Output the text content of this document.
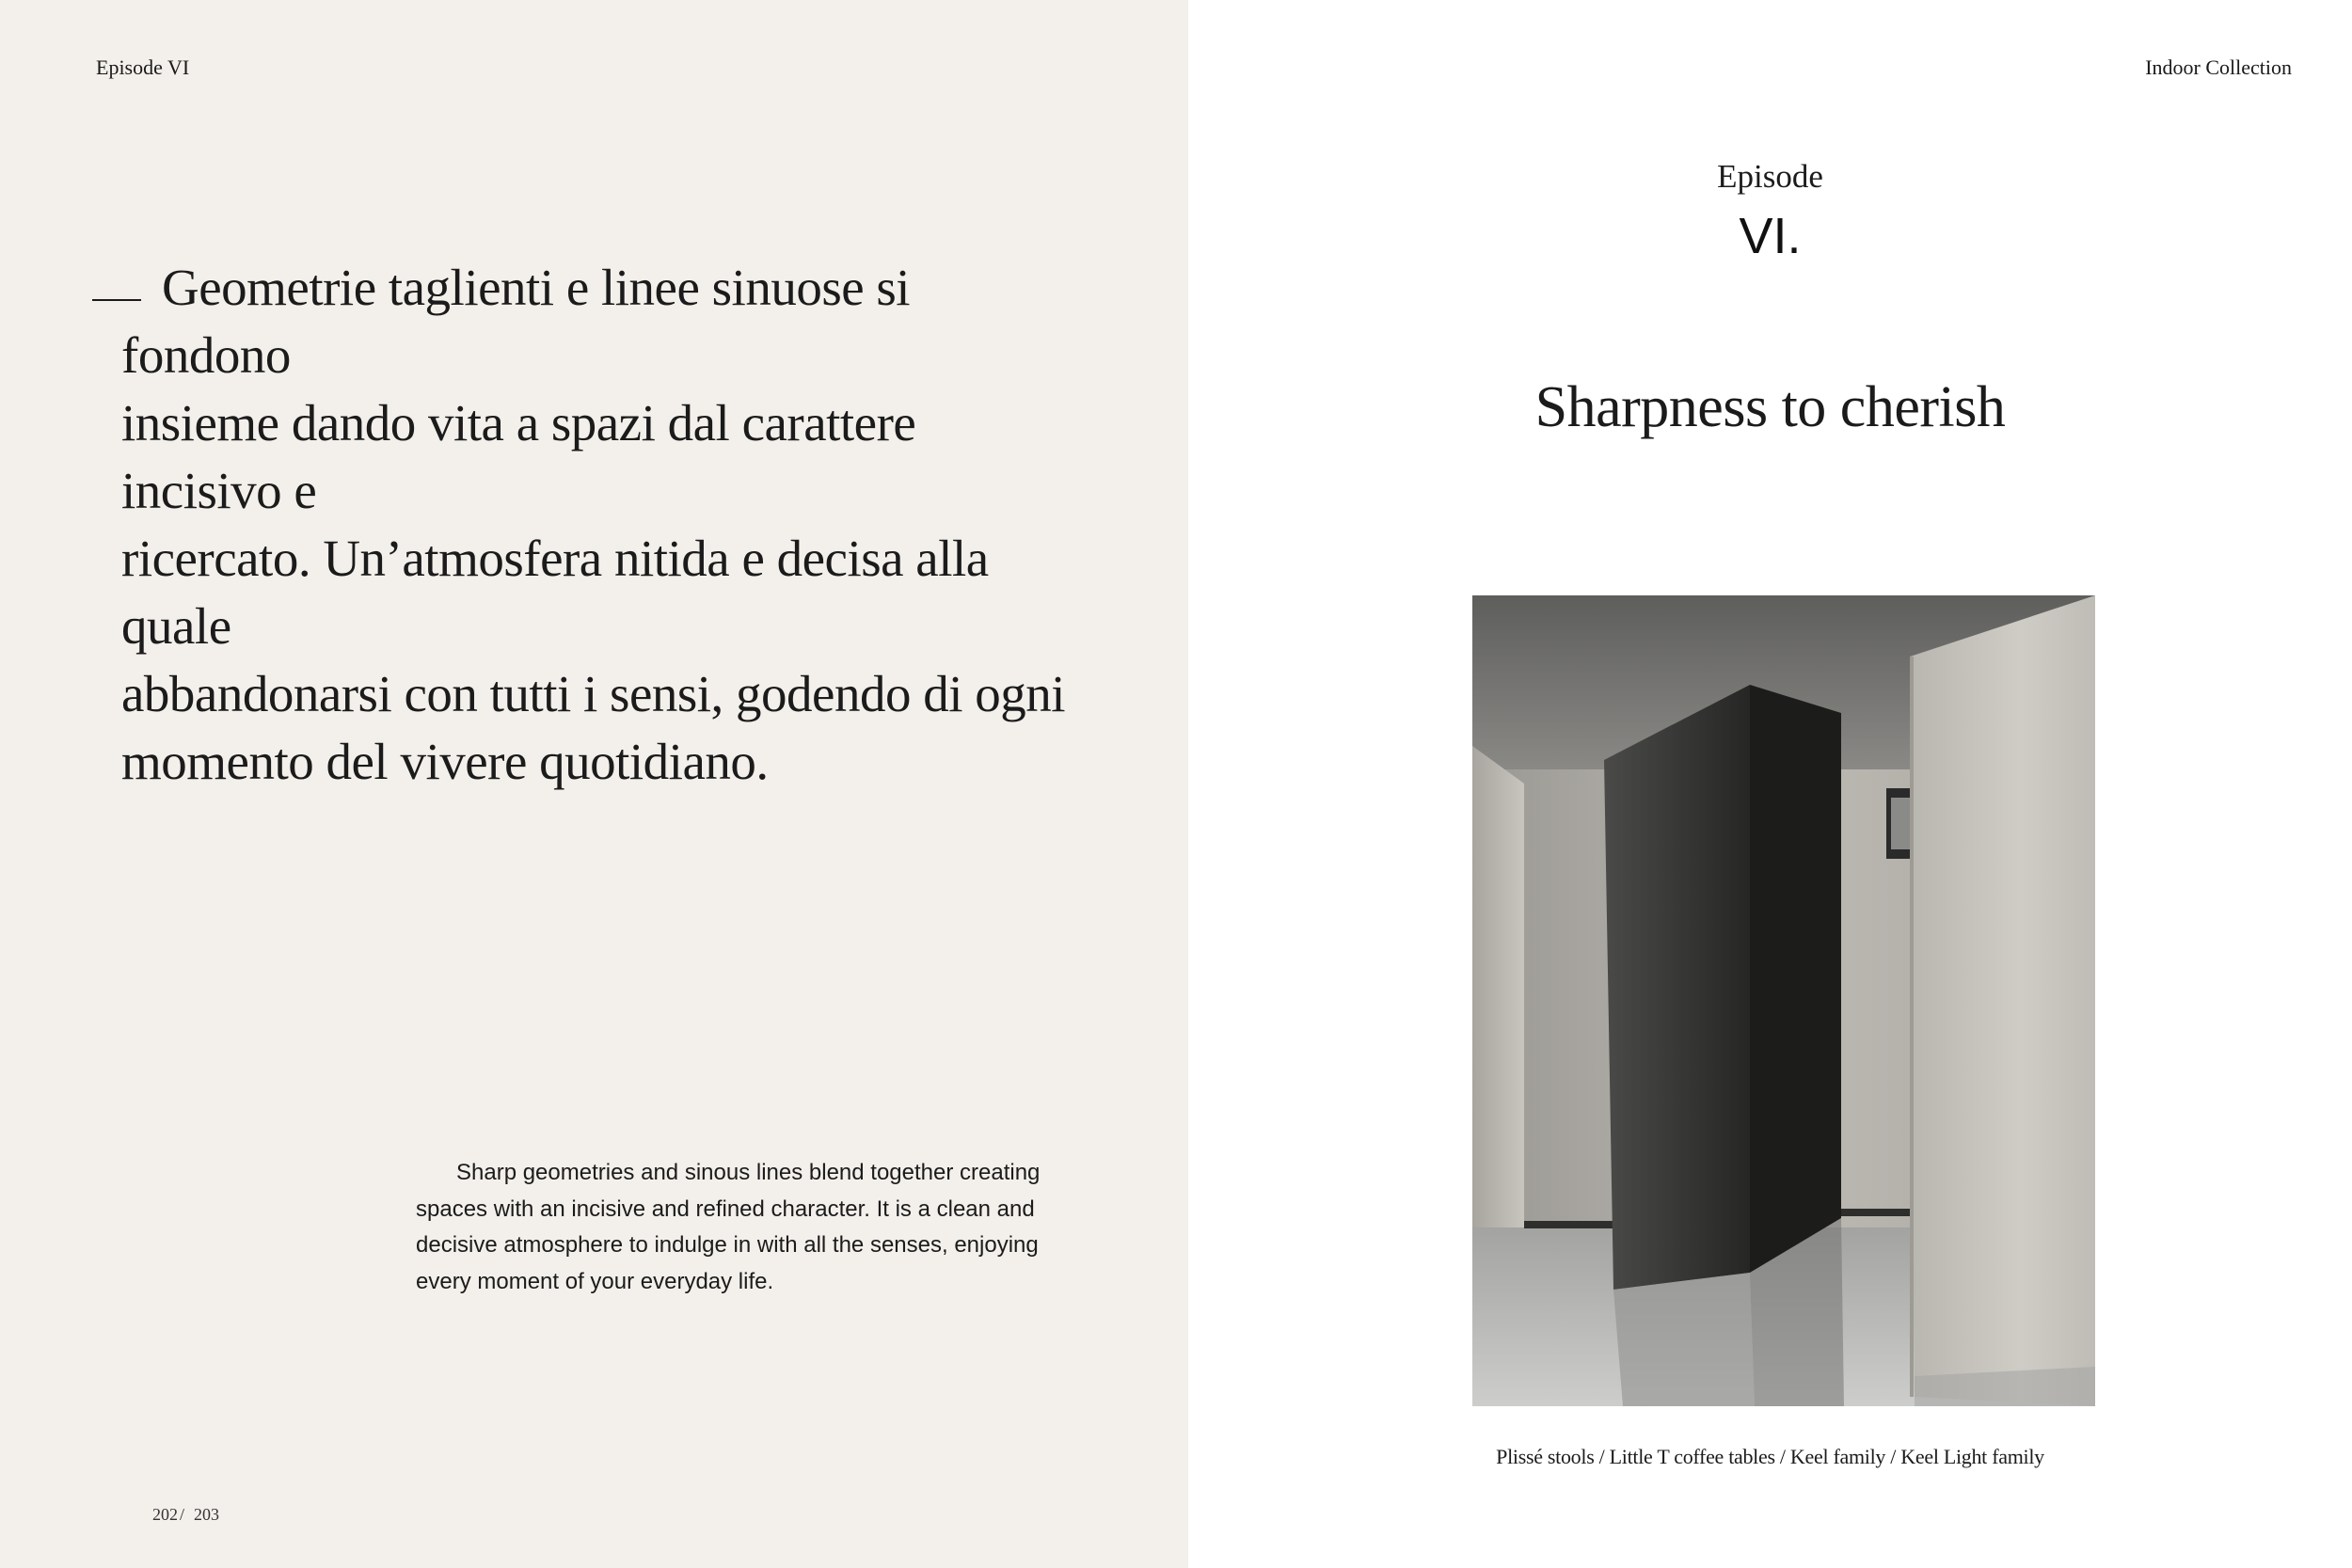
Episode VI
Geometrie taglienti e linee sinuose si fondono
insieme dando vita a spazi dal carattere incisivo e
ricercato. Un’atmosfera nitida e decisa alla quale
abbandonarsi con tutti i sensi, godendo di ogni
momento del vivere quotidiano.
Sharp geometries and sinous lines blend together creating spaces with an incisive and refined character. It is a clean and decisive atmosphere to indulge in with all the senses, enjoying every moment of your everyday life.
202 / 203
Indoor Collection
Episode
VI.
Sharpness to cherish
Plissé stools / Little T coffee tables / Keel family / Keel Light family
